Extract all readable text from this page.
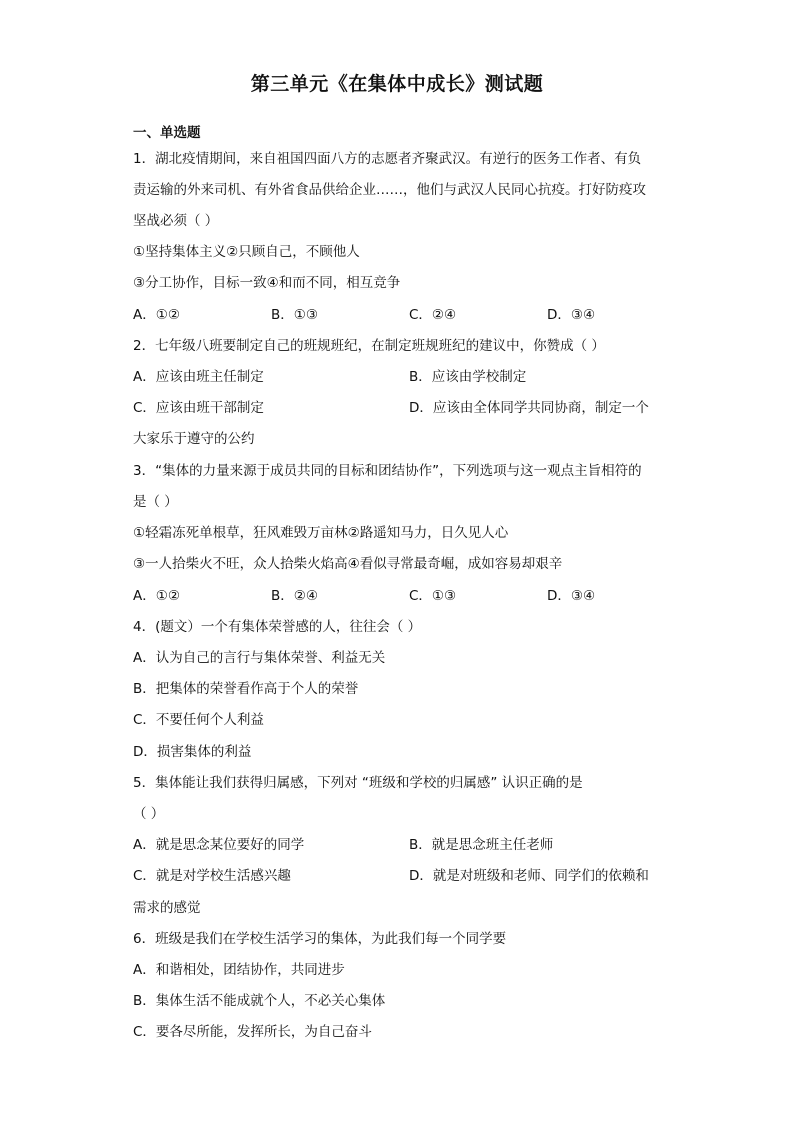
第三单元《在集体中成长》测试题
一、单选题
1．湖北疫情期间，来自祖国四面八方的志愿者齐聚武汉。有逆行的医务工作者、有负
责运输的外来司机、有外省食品供给企业……，他们与武汉人民同心抗疫。打好防疫攻
坚战必须（ ）
①坚持集体主义②只顾自己，不顾他人
③分工协作，目标一致④和而不同，相互竞争
A．①②	B．①③	C．②④	D．③④
2．七年级八班要制定自己的班规班纪，在制定班规班纪的建议中，你赞成（ ）
A．应该由班主任制定	B．应该由学校制定
C．应该由班干部制定	D．应该由全体同学共同协商，制定一个
大家乐于遵守的公约
3．“集体的力量来源于成员共同的目标和团结协作”，下列选项与这一观点主旨相符的
是（ ）
①轻霜冻死单根草，狂风难毁万亩林②路遥知马力，日久见人心
③一人拾柴火不旺，众人拾柴火焰高④看似寻常最奇崛，成如容易却艰辛
A．①②	B．②④	C．①③	D．③④
4．(题文）一个有集体荣誉感的人，往往会（ ）
A．认为自己的言行与集体荣誉、利益无关
B．把集体的荣誉看作高于个人的荣誉
C．不要任何个人利益
D．损害集体的利益
5．集体能让我们获得归属感，下列对 “班级和学校的归属感” 认识正确的是
（ ）
A．就是思念某位要好的同学	B．就是思念班主任老师
C．就是对学校生活感兴趣	D．就是对班级和老师、同学们的依赖和
需求的感觉
6．班级是我们在学校生活学习的集体，为此我们每一个同学要
A．和谐相处，团结协作，共同进步
B．集体生活不能成就个人，不必关心集体
C．要各尽所能，发挥所长，为自己奋斗
